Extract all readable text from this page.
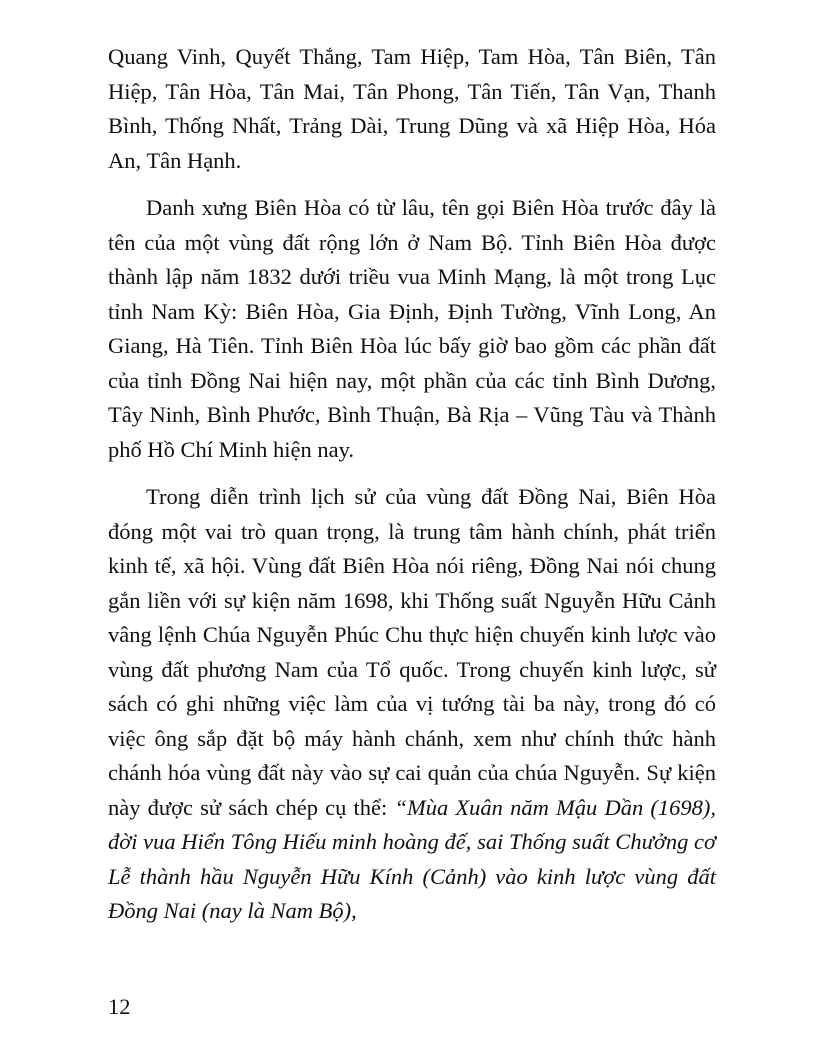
Quang Vinh, Quyết Thắng, Tam Hiệp, Tam Hòa, Tân Biên, Tân Hiệp, Tân Hòa, Tân Mai, Tân Phong, Tân Tiến, Tân Vạn, Thanh Bình, Thống Nhất, Trảng Dài, Trung Dũng và xã Hiệp Hòa, Hóa An, Tân Hạnh.

Danh xưng Biên Hòa có từ lâu, tên gọi Biên Hòa trước đây là tên của một vùng đất rộng lớn ở Nam Bộ. Tỉnh Biên Hòa được thành lập năm 1832 dưới triều vua Minh Mạng, là một trong Lục tỉnh Nam Kỳ: Biên Hòa, Gia Định, Định Tường, Vĩnh Long, An Giang, Hà Tiên. Tỉnh Biên Hòa lúc bấy giờ bao gồm các phần đất của tỉnh Đồng Nai hiện nay, một phần của các tỉnh Bình Dương, Tây Ninh, Bình Phước, Bình Thuận, Bà Rịa – Vũng Tàu và Thành phố Hồ Chí Minh hiện nay.

Trong diễn trình lịch sử của vùng đất Đồng Nai, Biên Hòa đóng một vai trò quan trọng, là trung tâm hành chính, phát triển kinh tế, xã hội. Vùng đất Biên Hòa nói riêng, Đồng Nai nói chung gắn liền với sự kiện năm 1698, khi Thống suất Nguyễn Hữu Cảnh vâng lệnh Chúa Nguyễn Phúc Chu thực hiện chuyến kinh lược vào vùng đất phương Nam của Tổ quốc. Trong chuyến kinh lược, sử sách có ghi những việc làm của vị tướng tài ba này, trong đó có việc ông sắp đặt bộ máy hành chánh, xem như chính thức hành chánh hóa vùng đất này vào sự cai quản của chúa Nguyễn. Sự kiện này được sử sách chép cụ thể: “Mùa Xuân năm Mậu Dần (1698), đời vua Hiển Tông Hiếu minh hoàng đế, sai Thống suất Chưởng cơ Lễ thành hầu Nguyễn Hữu Kính (Cảnh) vào kinh lược vùng đất Đồng Nai (nay là Nam Bộ),

12
